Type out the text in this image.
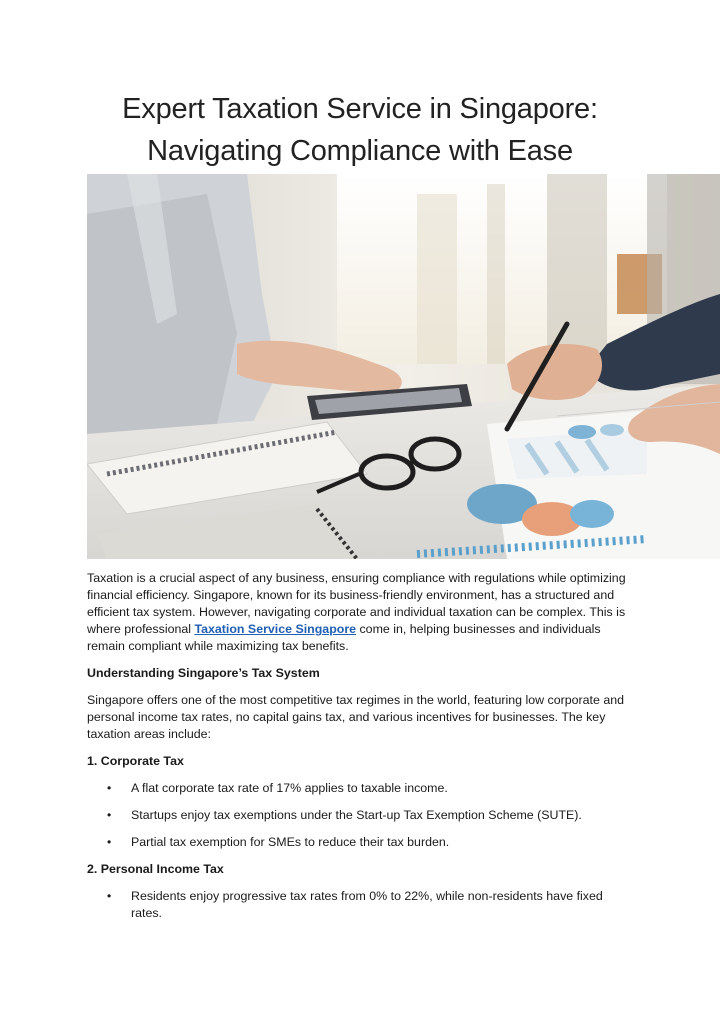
Expert Taxation Service in Singapore:
Navigating Compliance with Ease

Taxation is a crucial aspect of any business, ensuring compliance with regulations while optimizing financial efficiency. Singapore, known for its business-friendly environment, has a structured and efficient tax system. However, navigating corporate and individual taxation can be complex. This is where professional Taxation Service Singapore come in, helping businesses and individuals remain compliant while maximizing tax benefits.

Understanding Singapore’s Tax System

Singapore offers one of the most competitive tax regimes in the world, featuring low corporate and personal income tax rates, no capital gains tax, and various incentives for businesses. The key taxation areas include:

1. Corporate Tax

• A flat corporate tax rate of 17% applies to taxable income.
• Startups enjoy tax exemptions under the Start-up Tax Exemption Scheme (SUTE).
• Partial tax exemption for SMEs to reduce their tax burden.

2. Personal Income Tax

• Residents enjoy progressive tax rates from 0% to 22%, while non-residents have fixed rates.
